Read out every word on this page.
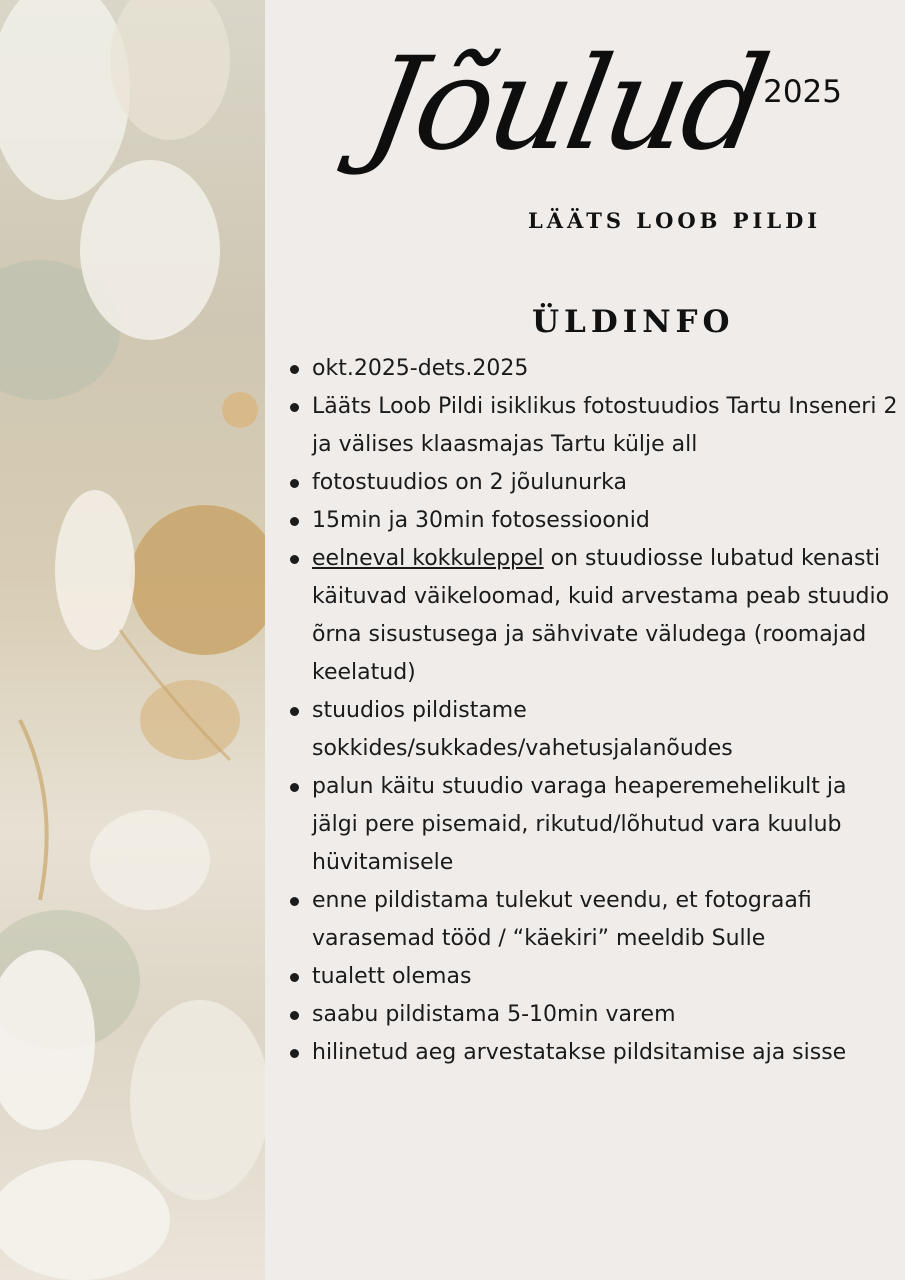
Jõulud
2025
LÄÄTS LOOB PILDI
ÜLDINFO
okt.2025-dets.2025
Lääts Loob Pildi isiklikus fotostuudios Tartu Inseneri 2 ja välises klaasmajas Tartu külje all
fotostuudios on 2 jõulunurka
15min ja 30min fotosessioonid
eelneval kokkuleppel on stuudiosse lubatud kenasti käituvad väikeloomad, kuid arvestama peab stuudio õrna sisustusega ja sähvivate väludega (roomajad keelatud)
stuudios pildistame sokkides/sukkades/vahetusjalanõudes
palun käitu stuudio varaga heaperemehelikult ja jälgi pere pisemaid, rikutud/lõhutud vara kuulub hüvitamisele
enne pildistama tulekut veendu, et fotograafi varasemad tööd / “käekiri” meeldib Sulle
tualett olemas
saabu pildistama 5-10min varem
hilinetud aeg arvestatakse pildsitamise aja sisse
